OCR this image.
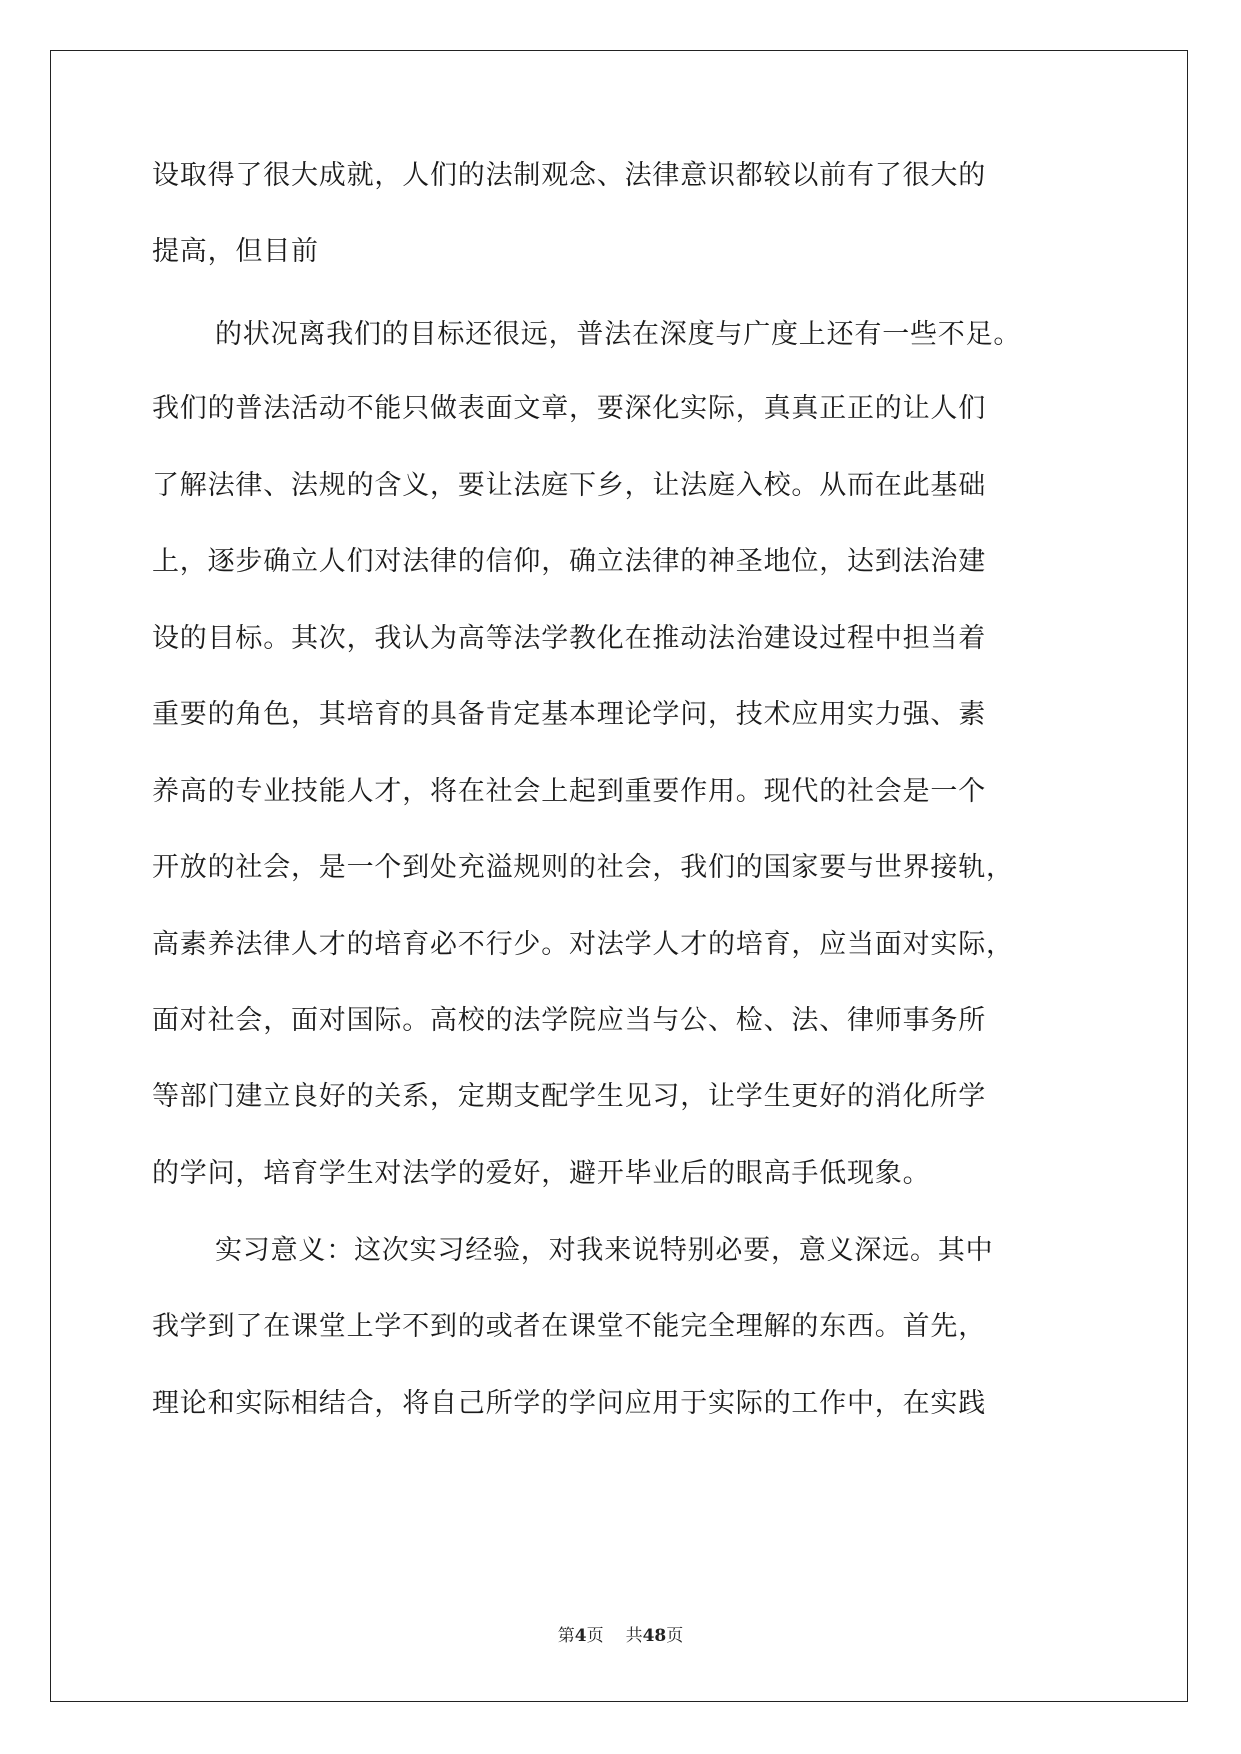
设取得了很大成就，人们的法制观念、法律意识都较以前有了很大的
提高，但目前
的状况离我们的目标还很远，普法在深度与广度上还有一些不足。
我们的普法活动不能只做表面文章，要深化实际，真真正正的让人们
了解法律、法规的含义，要让法庭下乡，让法庭入校。从而在此基础
上，逐步确立人们对法律的信仰，确立法律的神圣地位，达到法治建
设的目标。其次，我认为高等法学教化在推动法治建设过程中担当着
重要的角色，其培育的具备肯定基本理论学问，技术应用实力强、素
养高的专业技能人才，将在社会上起到重要作用。现代的社会是一个
开放的社会，是一个到处充溢规则的社会，我们的国家要与世界接轨，
高素养法律人才的培育必不行少。对法学人才的培育，应当面对实际，
面对社会，面对国际。高校的法学院应当与公、检、法、律师事务所
等部门建立良好的关系，定期支配学生见习，让学生更好的消化所学
的学问，培育学生对法学的爱好，避开毕业后的眼高手低现象。
实习意义：这次实习经验，对我来说特别必要，意义深远。其中
我学到了在课堂上学不到的或者在课堂不能完全理解的东西。首先，
理论和实际相结合，将自己所学的学问应用于实际的工作中，在实践
第4页 共48页
